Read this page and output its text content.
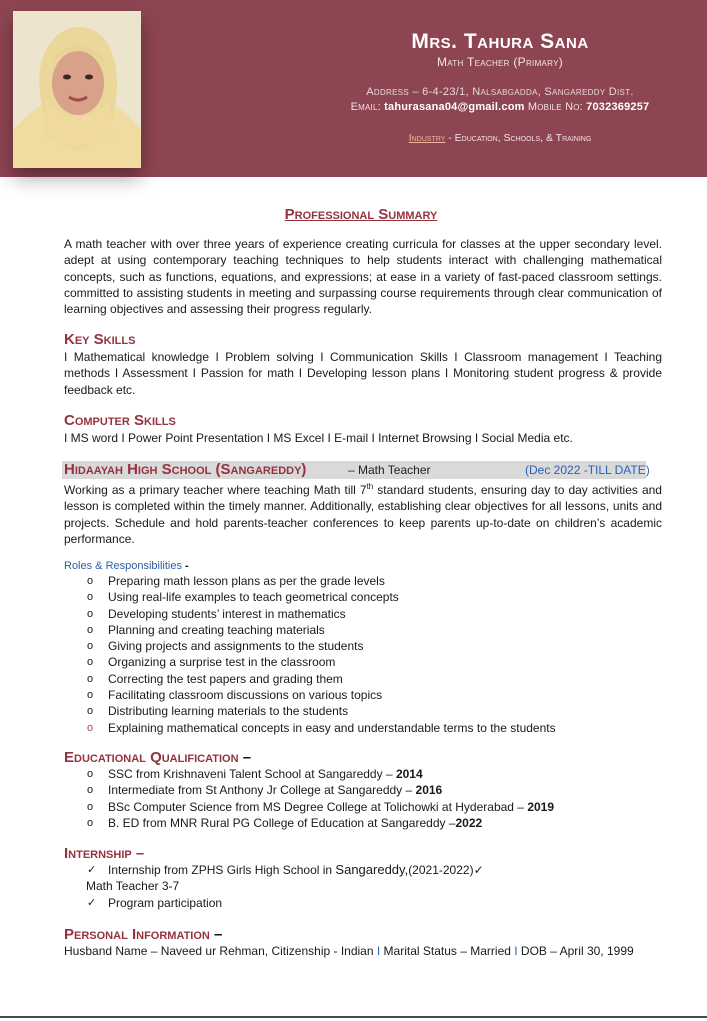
Mrs. Tahura Sana
Math Teacher (Primary)
Address – 6-4-23/1, Nalsabgadda, Sangareddy Dist.
Email: tahurasana04@gmail.com Mobile No: 7032369257
Industry - Education, Schools, & Training
Professional Summary
A math teacher with over three years of experience creating curricula for classes at the upper secondary level. adept at using contemporary teaching techniques to help students interact with challenging mathematical concepts, such as functions, equations, and expressions; at ease in a variety of fast-paced classroom settings. committed to assisting students in meeting and surpassing course requirements through clear communication of learning objectives and assessing their progress regularly.
Key Skills
I Mathematical knowledge I Problem solving I Communication Skills I Classroom management I Teaching methods I Assessment I Passion for math I Developing lesson plans I Monitoring student progress & provide feedback etc.
Computer Skills
I MS word I Power Point Presentation I MS Excel I E-mail I Internet Browsing I Social Media etc.
Hidaayah High School (Sangareddy)	– Math Teacher	(Dec 2022 -TILL DATE)
Working as a primary teacher where teaching Math till 7th standard students, ensuring day to day activities and lesson is completed within the timely manner. Additionally, establishing clear objectives for all lessons, units and projects. Schedule and hold parents-teacher conferences to keep parents up-to-date on children’s academic performance.
Roles & Responsibilities -
o Preparing math lesson plans as per the grade levels
o Using real-life examples to teach geometrical concepts
o Developing students’ interest in mathematics
o Planning and creating teaching materials
o Giving projects and assignments to the students
o Organizing a surprise test in the classroom
o Correcting the test papers and grading them
o Facilitating classroom discussions on various topics
o Distributing learning materials to the students
o Explaining mathematical concepts in easy and understandable terms to the students
Educational Qualification –
o SSC from Krishnaveni Talent School at Sangareddy – 2014
o Intermediate from St Anthony Jr College at Sangareddy – 2016
o BSc Computer Science from MS Degree College at Tolichowki at Hyderabad – 2019
o B. ED from MNR Rural PG College of Education at Sangareddy –2022
Internship –
✓ Internship from ZPHS Girls High School in Sangareddy,(2021-2022)✓
Math Teacher 3-7
✓ Program participation
Personal Information –
Husband Name – Naveed ur Rehman, Citizenship - Indian I Marital Status – Married I DOB – April 30, 1999
